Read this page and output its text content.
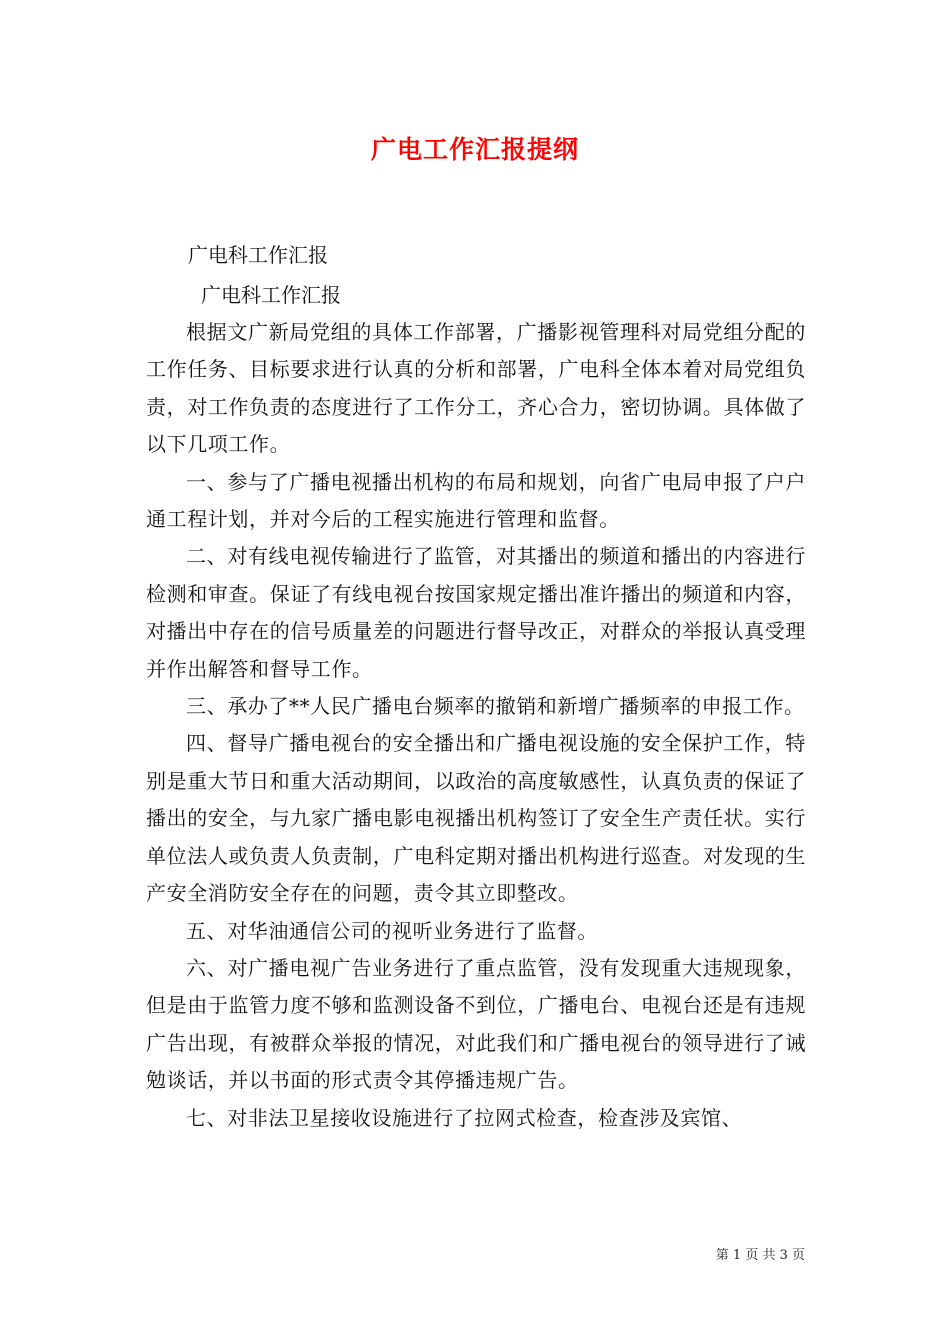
广电工作汇报提纲
广电科工作汇报
广电科工作汇报

根据文广新局党组的具体工作部署，广播影视管理科对局党组分配的工作任务、目标要求进行认真的分析和部署，广电科全体本着对局党组负责，对工作负责的态度进行了工作分工，齐心合力，密切协调。具体做了以下几项工作。

一、参与了广播电视播出机构的布局和规划，向省广电局申报了户户通工程计划，并对今后的工程实施进行管理和监督。

二、对有线电视传输进行了监管，对其播出的频道和播出的内容进行检测和审查。保证了有线电视台按国家规定播出准许播出的频道和内容，对播出中存在的信号质量差的问题进行督导改正，对群众的举报认真受理并作出解答和督导工作。

三、承办了**人民广播电台频率的撤销和新增广播频率的申报工作。

四、督导广播电视台的安全播出和广播电视设施的安全保护工作，特别是重大节日和重大活动期间，以政治的高度敏感性，认真负责的保证了播出的安全，与九家广播电影电视播出机构签订了安全生产责任状。实行单位法人或负责人负责制，广电科定期对播出机构进行巡查。对发现的生产安全消防安全存在的问题，责令其立即整改。

五、对华油通信公司的视听业务进行了监督。

六、对广播电视广告业务进行了重点监管，没有发现重大违规现象，但是由于监管力度不够和监测设备不到位，广播电台、电视台还是有违规广告出现，有被群众举报的情况，对此我们和广播电视台的领导进行了诫勉谈话，并以书面的形式责令其停播违规广告。

七、对非法卫星接收设施进行了拉网式检查，检查涉及宾馆、

第 1 页 共 3 页
